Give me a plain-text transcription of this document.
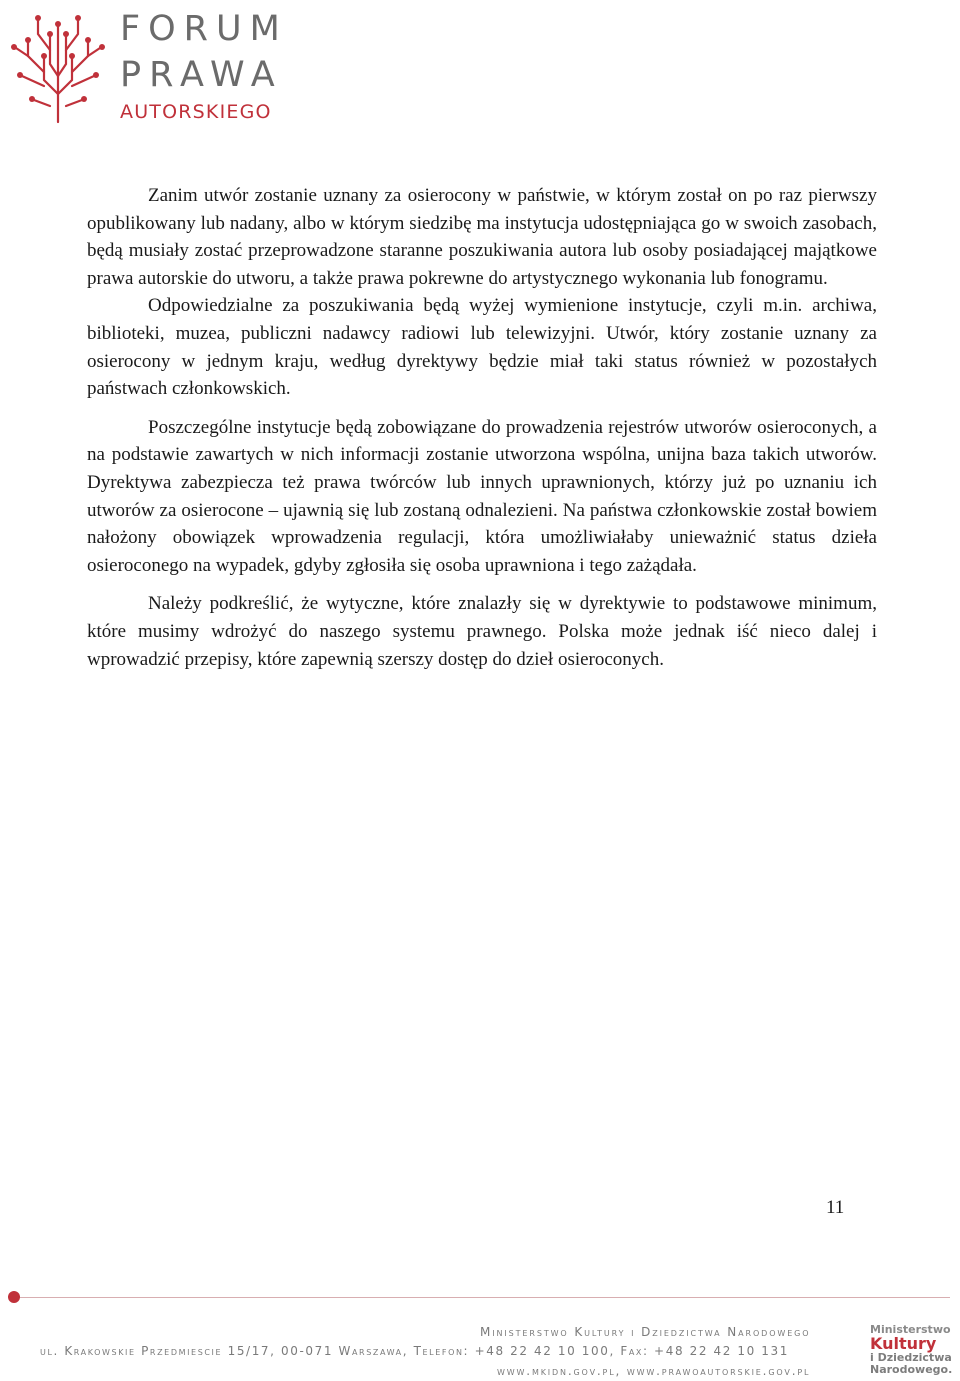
FORUM
PRAWA
AUTORSKIEGO

Zanim utwór zostanie uznany za osierocony w państwie, w którym został on po raz pierwszy opublikowany lub nadany, albo w którym siedzibę ma instytucja udostępniająca go w swoich zasobach, będą musiały zostać przeprowadzone staranne poszukiwania autora lub osoby posiadającej majątkowe prawa autorskie do utworu, a także prawa pokrewne do artystycznego wykonania lub fonogramu.

Odpowiedzialne za poszukiwania będą wyżej wymienione instytucje, czyli m.in. archiwa, biblioteki, muzea, publiczni nadawcy radiowi lub telewizyjni. Utwór, który zostanie uznany za osierocony w jednym kraju, według dyrektywy będzie miał taki status również w pozostałych państwach członkowskich.

Poszczególne instytucje będą zobowiązane do prowadzenia rejestrów utworów osieroconych, a na podstawie zawartych w nich informacji zostanie utworzona wspólna, unijna baza takich utworów. Dyrektywa zabezpiecza też prawa twórców lub innych uprawnionych, którzy już po uznaniu ich utworów za osierocone – ujawnią się lub zostaną odnalezieni. Na państwa członkowskie został bowiem nałożony obowiązek wprowadzenia regulacji, która umożliwiałaby unieważnić status dzieła osieroconego na wypadek, gdyby zgłosiła się osoba uprawniona i tego zażądała.

Należy podkreślić, że wytyczne, które znalazły się w dyrektywie to podstawowe minimum, które musimy wdrożyć do naszego systemu prawnego. Polska może jednak iść nieco dalej i wprowadzić przepisy, które zapewnią szerszy dostęp do dzieł osieroconych.

11
Ministerstwo Kultury i Dziedzictwa Narodowego
ul. Krakowskie Przedmiescie 15/17, 00-071 Warszawa, Telefon: +48 22 42 10 100, Fax: +48 22 42 10 131
www.mkidn.gov.pl, www.prawoautorskie.gov.pl
Ministerstwo
Kultury
i Dziedzictwa
Narodowego.
